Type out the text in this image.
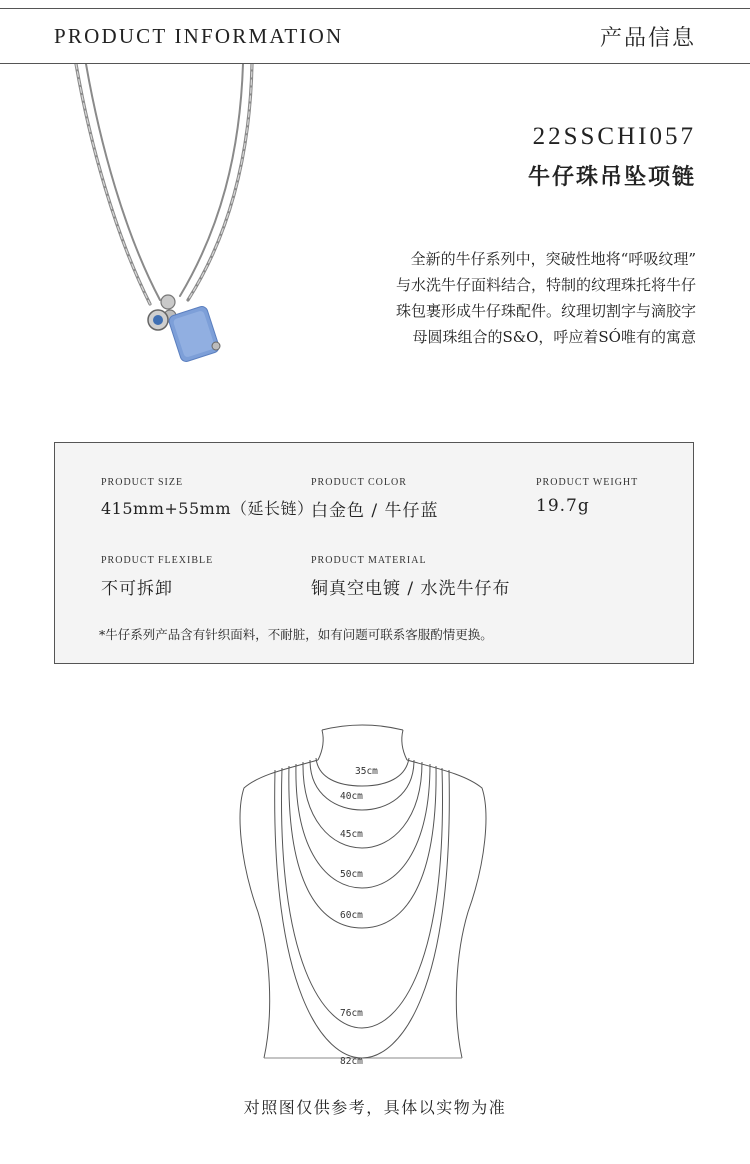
PRODUCT INFORMATION	产品信息
22SSCHI057
牛仔珠吊坠项链
全新的牛仔系列中，突破性地将“呼吸纹理”
与水洗牛仔面料结合，特制的纹理珠托将牛仔
珠包裹形成牛仔珠配件。纹理切割字与滴胶字
母圆珠组合的S&O，呼应着SÓ唯有的寓意
PRODUCT SIZE
415mm+55mm（延长链）
PRODUCT COLOR
白金色 / 牛仔蓝
PRODUCT WEIGHT
19.7g
PRODUCT FLEXIBLE
不可拆卸
PRODUCT MATERIAL
铜真空电镀 / 水洗牛仔布
*牛仔系列产品含有针织面料，不耐脏，如有问题可联系客服酌情更换。
35cm
40cm
45cm
50cm
60cm
76cm
82cm
对照图仅供参考，具体以实物为准
